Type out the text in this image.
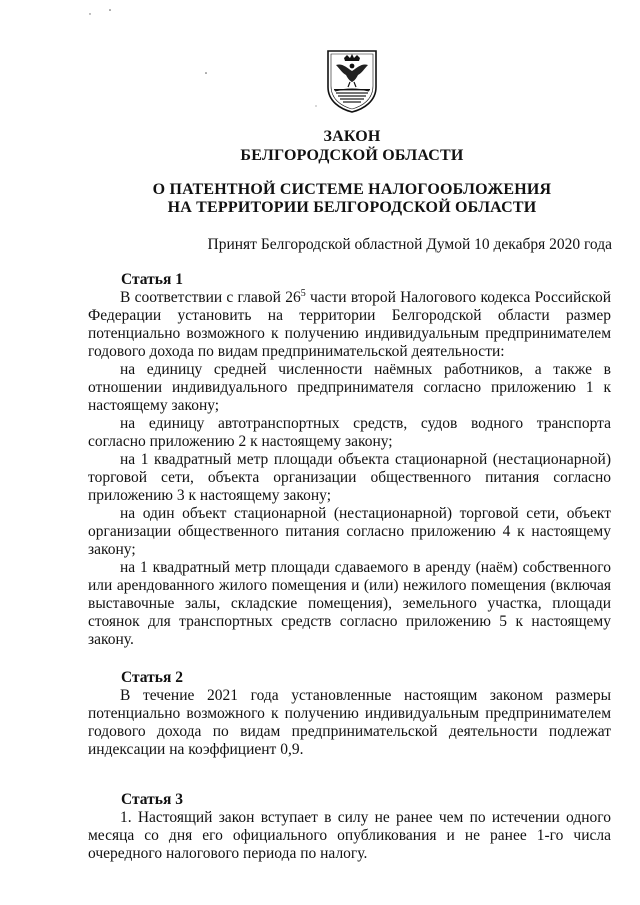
ЗАКОН
БЕЛГОРОДСКОЙ ОБЛАСТИ
О ПАТЕНТНОЙ СИСТЕМЕ НАЛОГООБЛОЖЕНИЯ
НА ТЕРРИТОРИИ БЕЛГОРОДСКОЙ ОБЛАСТИ
Принят Белгородской областной Думой 10 декабря 2020 года
Статья 1

В соответствии с главой $26^5$ части второй Налогового кодекса Российской Федерации установить на территории Белгородской области размер потенциально возможного к получению индивидуальным предпринимателем годового дохода по видам предпринимательской деятельности:

на единицу средней численности наёмных работников, а также в отношении индивидуального предпринимателя согласно приложению 1 к настоящему закону;

на единицу автотранспортных средств, судов водного транспорта согласно приложению 2 к настоящему закону;

на 1 квадратный метр площади объекта стационарной (нестационарной) торговой сети, объекта организации общественного питания согласно приложению 3 к настоящему закону;

на один объект стационарной (нестационарной) торговой сети, объект организации общественного питания согласно приложению 4 к настоящему закону;

на 1 квадратный метр площади сдаваемого в аренду (наём) собственного или арендованного жилого помещения и (или) нежилого помещения (включая выставочные залы, складские помещения), земельного участка, площади стоянок для транспортных средств согласно приложению 5 к настоящему закону.

Статья 2

В течение 2021 года установленные настоящим законом размеры потенциально возможного к получению индивидуальным предпринимателем годового дохода по видам предпринимательской деятельности подлежат индексации на коэффициент 0,9.

Статья 3

1. Настоящий закон вступает в силу не ранее чем по истечении одного месяца со дня его официального опубликования и не ранее 1-го числа очередного налогового периода по налогу.
